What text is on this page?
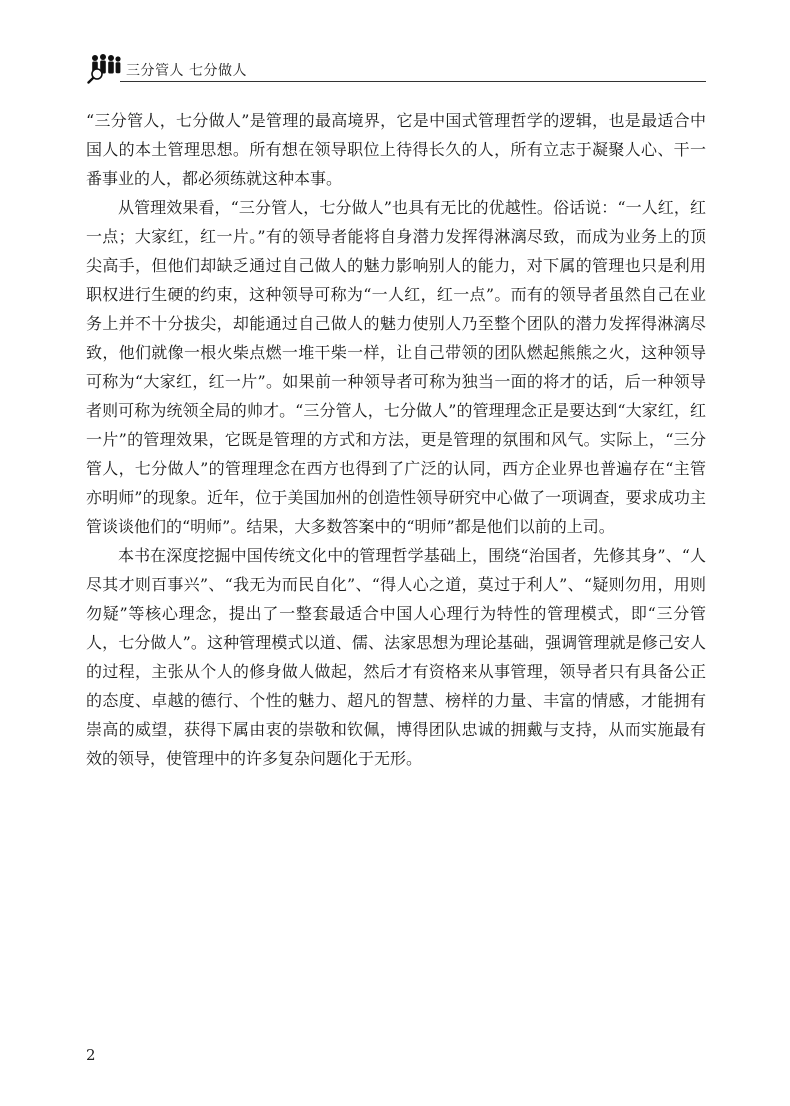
三分管人 七分做人

“三分管人，七分做人”是管理的最高境界，它是中国式管理哲学的逻辑，也是最适合中国人的本土管理思想。所有想在领导职位上待得长久的人，所有立志于凝聚人心、干一番事业的人，都必须练就这种本事。

从管理效果看，“三分管人，七分做人”也具有无比的优越性。俗话说：“一人红，红一点；大家红，红一片。”有的领导者能将自身潜力发挥得淋漓尽致，而成为业务上的顶尖高手，但他们却缺乏通过自己做人的魅力影响别人的能力，对下属的管理也只是利用职权进行生硬的约束，这种领导可称为“一人红，红一点”。而有的领导者虽然自己在业务上并不十分拔尖，却能通过自己做人的魅力使别人乃至整个团队的潜力发挥得淋漓尽致，他们就像一根火柴点燃一堆干柴一样，让自己带领的团队燃起熊熊之火，这种领导可称为“大家红，红一片”。如果前一种领导者可称为独当一面的将才的话，后一种领导者则可称为统领全局的帅才。“三分管人，七分做人”的管理理念正是要达到“大家红，红一片”的管理效果，它既是管理的方式和方法，更是管理的氛围和风气。实际上，“三分管人，七分做人”的管理理念在西方也得到了广泛的认同，西方企业界也普遍存在“主管亦明师”的现象。近年，位于美国加州的创造性领导研究中心做了一项调查，要求成功主管谈谈他们的“明师”。结果，大多数答案中的“明师”都是他们以前的上司。

本书在深度挖掘中国传统文化中的管理哲学基础上，围绕“治国者，先修其身”、“人尽其才则百事兴”、“我无为而民自化”、“得人心之道，莫过于利人”、“疑则勿用，用则勿疑”等核心理念，提出了一整套最适合中国人心理行为特性的管理模式，即“三分管人，七分做人”。这种管理模式以道、儒、法家思想为理论基础，强调管理就是修己安人的过程，主张从个人的修身做人做起，然后才有资格来从事管理，领导者只有具备公正的态度、卓越的德行、个性的魅力、超凡的智慧、榜样的力量、丰富的情感，才能拥有崇高的威望，获得下属由衷的崇敬和钦佩，博得团队忠诚的拥戴与支持，从而实施最有效的领导，使管理中的许多复杂问题化于无形。

2
